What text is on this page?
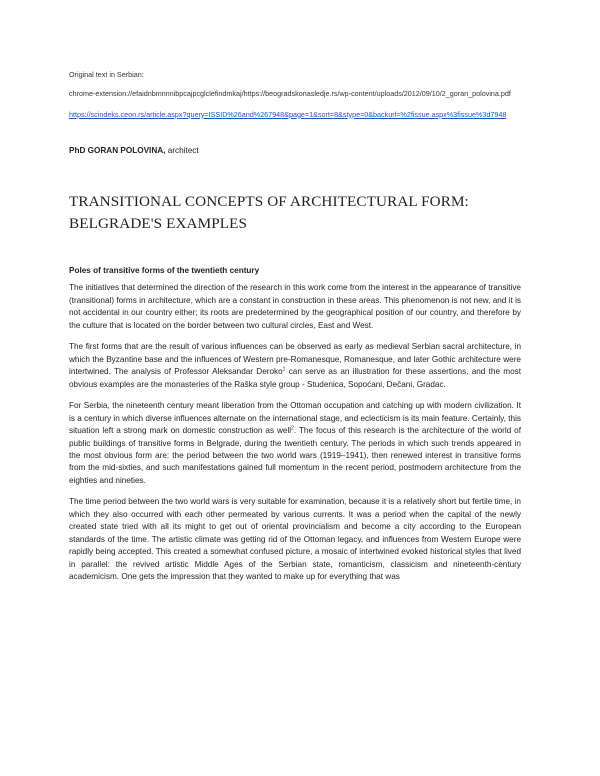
Original text in Serbian:
chrome-extension://efaidnbmnnnibpcajpcglclefindmkaj/https://beogradskonasledje.rs/wp-content/uploads/2012/09/10/2_goran_polovina.pdf
https://scindeks.ceon.rs/article.aspx?query=ISSID%26and%267948&page=1&sort=8&stype=0&backurl=%2fissue.aspx%3fissue%3d7948
PhD GORAN POLOVINA, architect
TRANSITIONAL CONCEPTS OF ARCHITECTURAL FORM:
BELGRADE'S EXAMPLES
Poles of transitive forms of the twentieth century

The initiatives that determined the direction of the research in this work come from the interest in the appearance of transitive (transitional) forms in architecture, which are a constant in construction in these areas. This phenomenon is not new, and it is not accidental in our country either; its roots are predetermined by the geographical position of our country, and therefore by the culture that is located on the border between two cultural circles, East and West.

The first forms that are the result of various influences can be observed as early as medieval Serbian sacral architecture, in which the Byzantine base and the influences of Western pre-Romanesque, Romanesque, and later Gothic architecture were intertwined. The analysis of Professor Aleksandar Deroko$^1$ can serve as an illustration for these assertions, and the most obvious examples are the monasteries of the Raška style group - Studenica, Sopoćani, Dečani, Gradac.

For Serbia, the nineteenth century meant liberation from the Ottoman occupation and catching up with modern civilization. It is a century in which diverse influences alternate on the international stage, and eclecticism is its main feature. Certainly, this situation left a strong mark on domestic construction as well$^2$. The focus of this research is the architecture of the world of public buildings of transitive forms in Belgrade, during the twentieth century. The periods in which such trends appeared in the most obvious form are: the period between the two world wars (1919–1941), then renewed interest in transitive forms from the mid-sixties, and such manifestations gained full momentum in the recent period, postmodern architecture from the eighties and nineties.

The time period between the two world wars is very suitable for examination, because it is a relatively short but fertile time, in which they also occurred with each other permeated by various currents. It was a period when the capital of the newly created state tried with all its might to get out of oriental provincialism and become a city according to the European standards of the time. The artistic climate was getting rid of the Ottoman legacy, and influences from Western Europe were rapidly being accepted. This created a somewhat confused picture, a mosaic of intertwined evoked historical styles that lived in parallel: the revived artistic Middle Ages of the Serbian state, romanticism, classicism and nineteenth-century academicism. One gets the impression that they wanted to make up for everything that was
